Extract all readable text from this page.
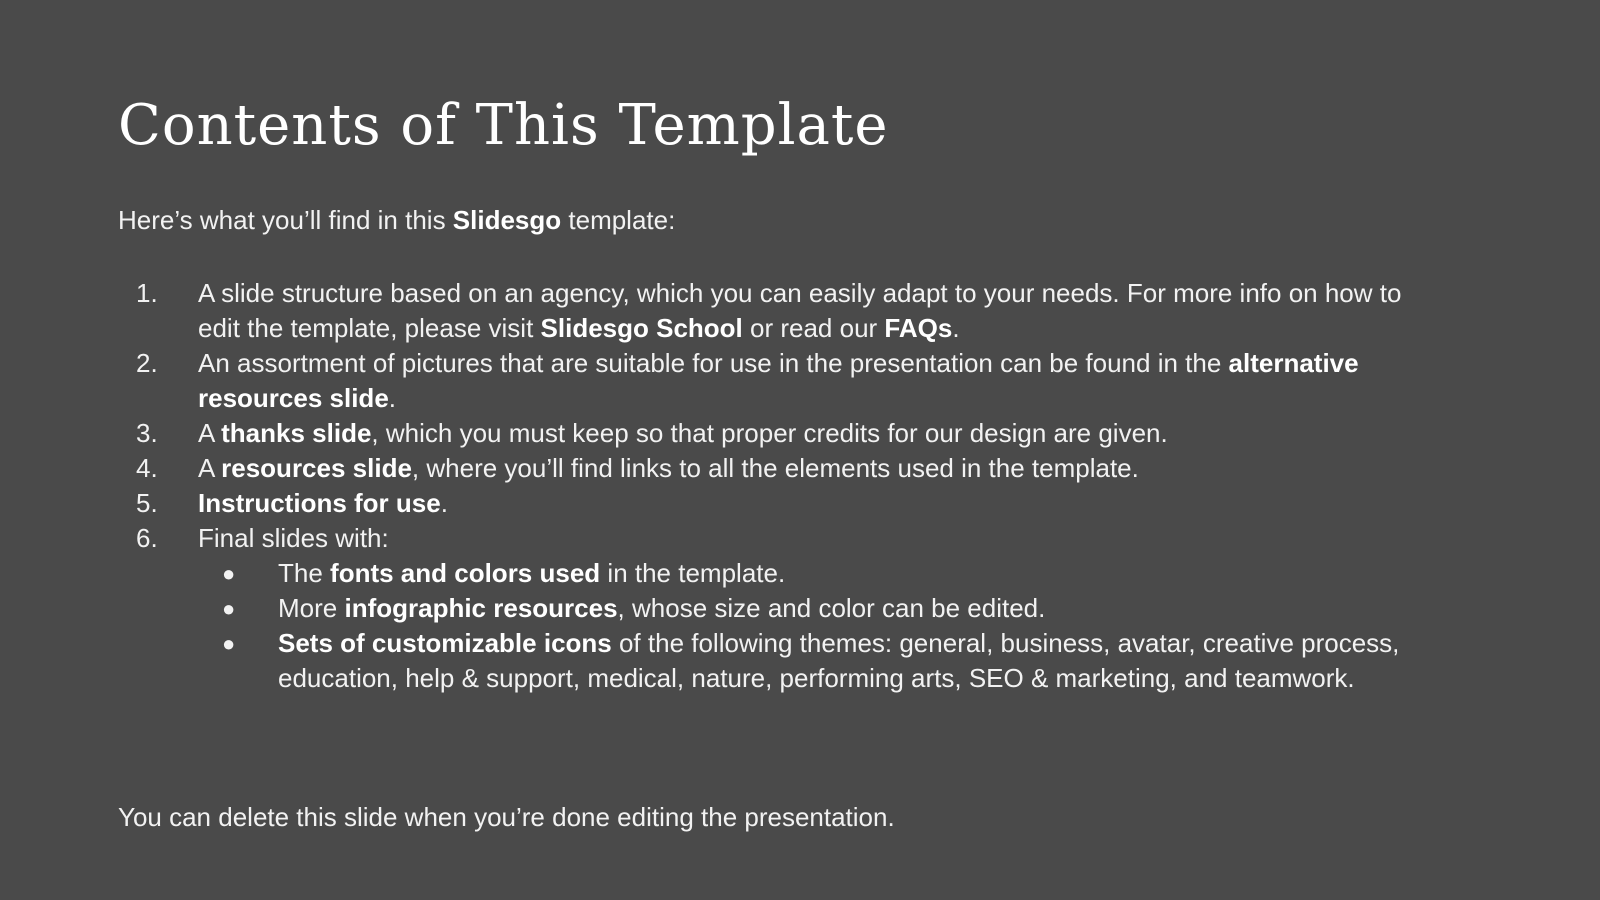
Contents of This Template

Here’s what you’ll find in this Slidesgo template:

1. A slide structure based on an agency, which you can easily adapt to your needs. For more info on how to edit the template, please visit Slidesgo School or read our FAQs.
2. An assortment of pictures that are suitable for use in the presentation can be found in the alternative resources slide.
3. A thanks slide, which you must keep so that proper credits for our design are given.
4. A resources slide, where you’ll find links to all the elements used in the template.
5. Instructions for use.
6. Final slides with:
● The fonts and colors used in the template.
● More infographic resources, whose size and color can be edited.
● Sets of customizable icons of the following themes: general, business, avatar, creative process, education, help & support, medical, nature, performing arts, SEO & marketing, and teamwork.

You can delete this slide when you’re done editing the presentation.
